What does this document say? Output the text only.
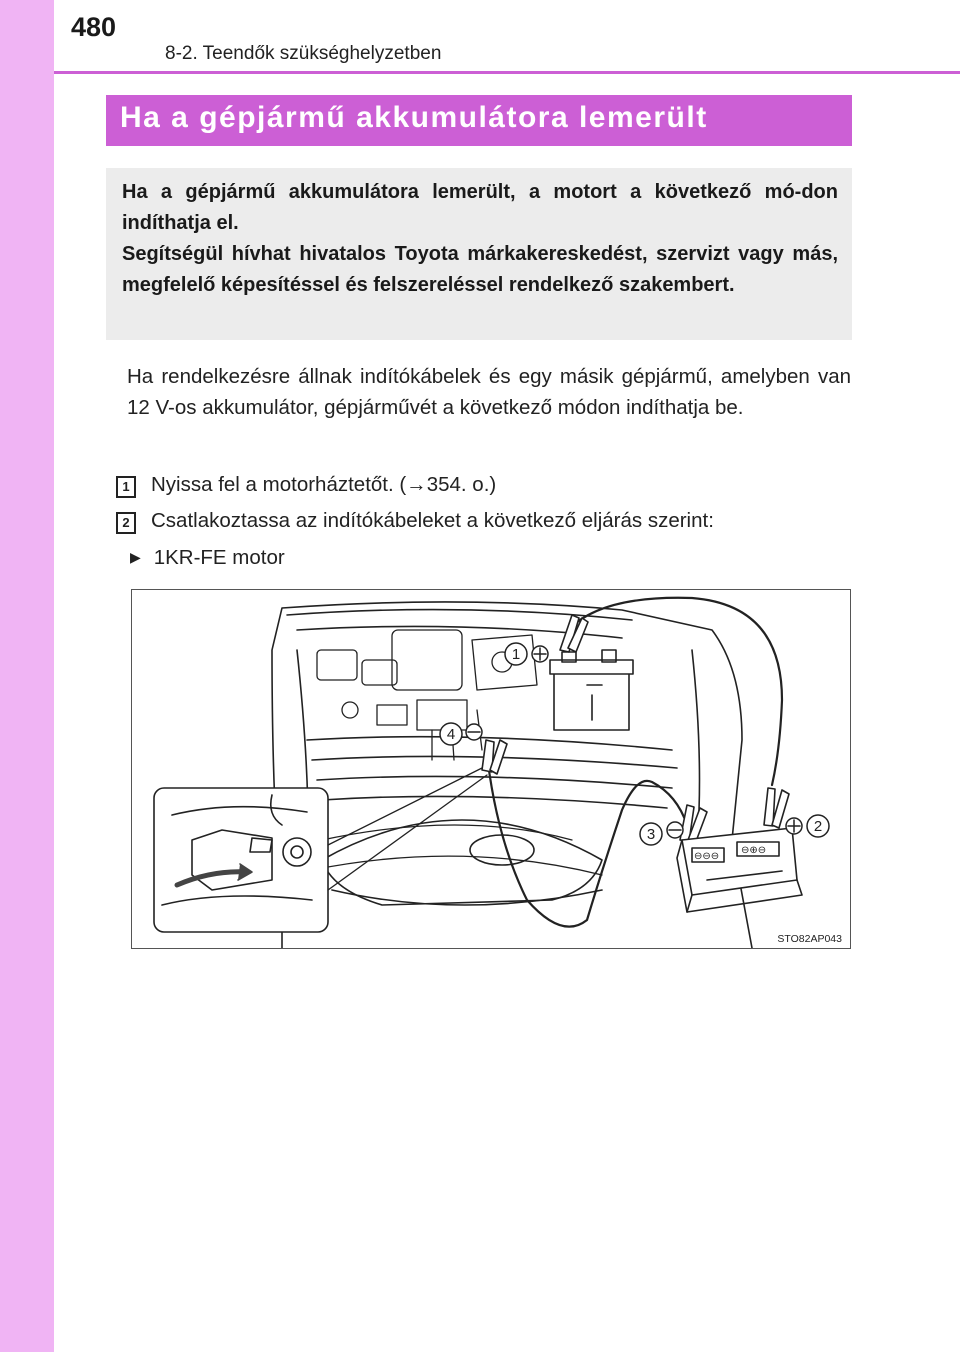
480
8-2. Teendők szükséghelyzetben
Ha a gépjármű akkumulátora lemerült

Ha a gépjármű akkumulátora lemerült, a motort a következő mó-don indíthatja el.

Segítségül hívhat hivatalos Toyota márkakereskedést, szervizt vagy más, megfelelő képesítéssel és felszereléssel rendelkező szakembert.

Ha rendelkezésre állnak indítókábelek és egy másik gépjármű, amelyben van 12 V-os akkumulátor, gépjárművét a következő módon indíthatja be.
1	Nyissa fel a motorháztetőt. (→354. o.)
2	Csatlakoztassa az indítókábeleket a következő eljárás szerint:
▶ 1KR-FE motor
1
2
3
4
⊖⊖⊖
⊖⊕⊖
STO82AP043
